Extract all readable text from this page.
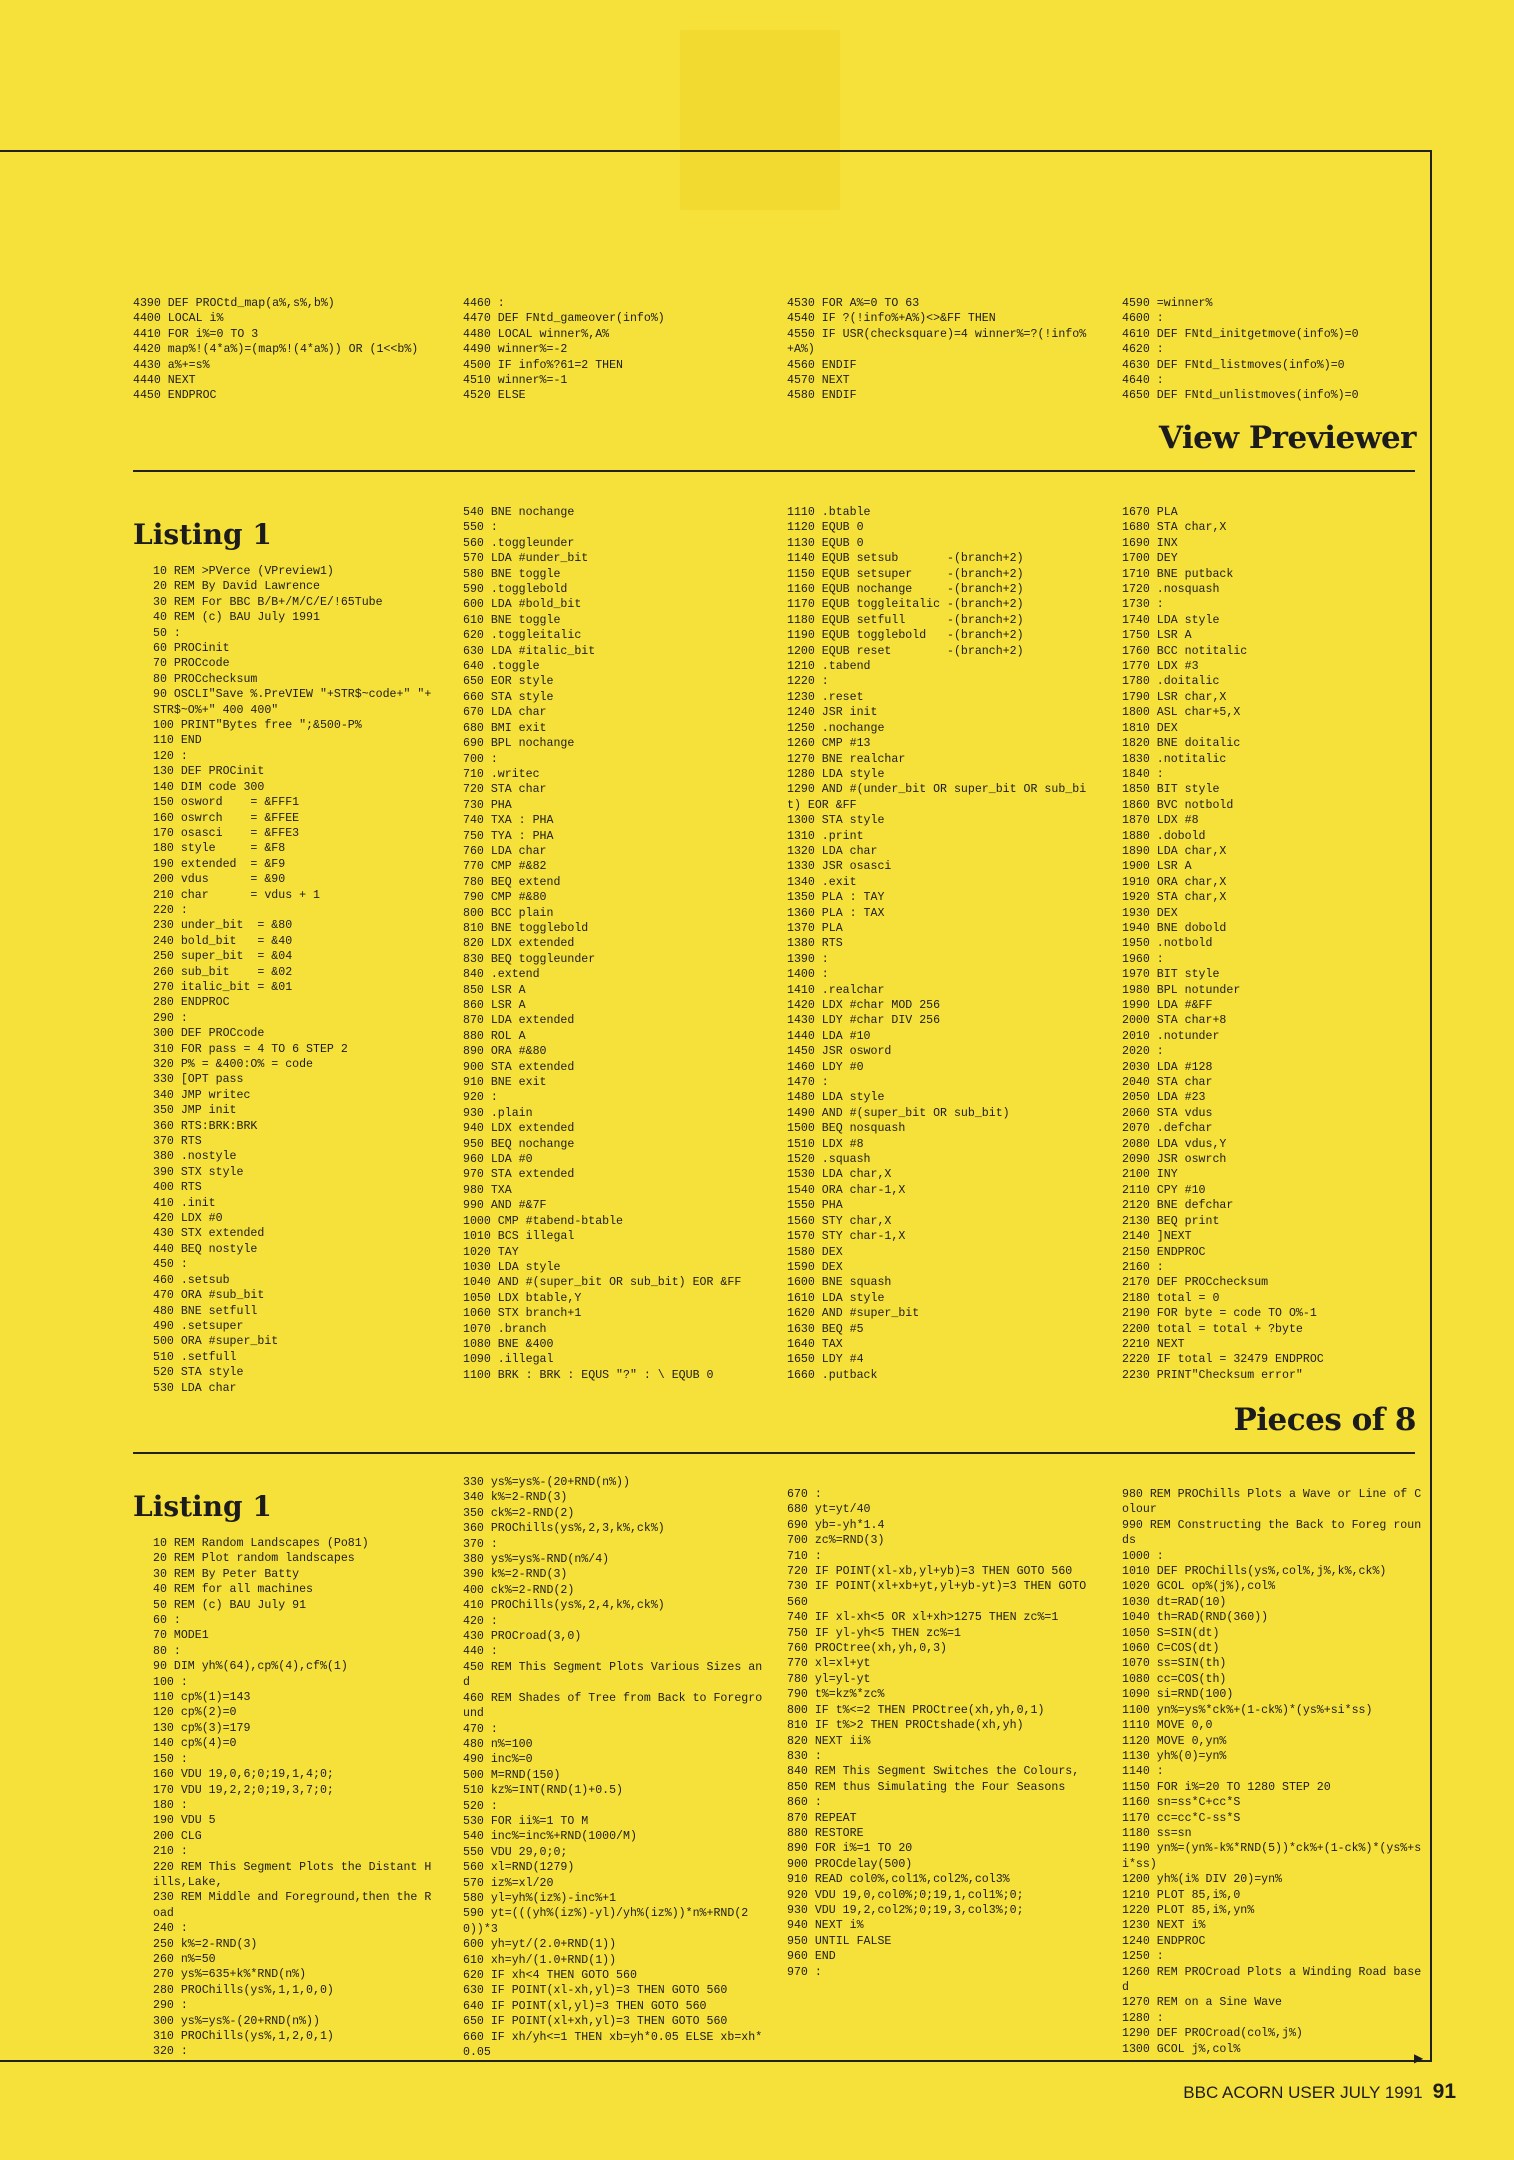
4390 DEF PROCtd_map(a%,s%,b%)
4400 LOCAL i%
4410 FOR i%=0 TO 3
4420 map%!(4*a%)=(map%!(4*a%)) OR (1<<b%)
4430 a%+=s%
4440 NEXT
4450 ENDPROC
4460 :
4470 DEF FNtd_gameover(info%)
4480 LOCAL winner%,A%
4490 winner%=-2
4500 IF info%?61=2 THEN
4510 winner%=-1
4520 ELSE
4530 FOR A%=0 TO 63
4540 IF ?(!info%+A%)<>&FF THEN
4550 IF USR(checksquare)=4 winner%=?(!info%+A%)
4560 ENDIF
4570 NEXT
4580 ENDIF
4590 =winner%
4600 :
4610 DEF FNtd_initgetmove(info%)=0
4620 :
4630 DEF FNtd_listmoves(info%)=0
4640 :
4650 DEF FNtd_unlistmoves(info%)=0
View Previewer
Listing 1
10 REM >PVerce (VPreview1)
20 REM By David Lawrence
30 REM For BBC B/B+/M/C/E/!65Tube
40 REM (c) BAU July 1991
50 :
60 PROCinit
70 PROCcode
80 PROCchecksum
90 OSCLI"Save %.PreVIEW "+STR$~code+" "+STR$~O%+" 400 400"
100 PRINT"Bytes free ";&500-P%
110 END
120 :
130 DEF PROCinit
140 DIM code 300
150 osword    = &FFF1
160 oswrch    = &FFEE
170 osasci    = &FFE3
180 style     = &F8
190 extended  = &F9
200 vdus      = &90
210 char      = vdus + 1
220 :
230 under_bit  = &80
240 bold_bit   = &40
250 super_bit  = &04
260 sub_bit    = &02
270 italic_bit = &01
280 ENDPROC
290 :
300 DEF PROCcode
310 FOR pass = 4 TO 6 STEP 2
320 P% = &400:O% = code
330 [OPT pass
340 JMP writec
350 JMP init
360 RTS:BRK:BRK
370 RTS
380 .nostyle
390 STX style
400 RTS
410 .init
420 LDX #0
430 STX extended
440 BEQ nostyle
450 :
460 .setsub
470 ORA #sub_bit
480 BNE setfull
490 .setsuper
500 ORA #super_bit
510 .setfull
520 STA style
530 LDA char
540 BNE nochange
550 :
560 .toggleunder
570 LDA #under_bit
580 BNE toggle
590 .togglebold
600 LDA #bold_bit
610 BNE toggle
620 .toggleitalic
630 LDA #italic_bit
640 .toggle
650 EOR style
660 STA style
670 LDA char
680 BMI exit
690 BPL nochange
700 :
710 .writec
720 STA char
730 PHA
740 TXA : PHA
750 TYA : PHA
760 LDA char
770 CMP #&82
780 BEQ extend
790 CMP #&80
800 BCC plain
810 BNE togglebold
820 LDX extended
830 BEQ toggleunder
840 .extend
850 LSR A
860 LSR A
870 LDA extended
880 ROL A
890 ORA #&80
900 STA extended
910 BNE exit
920 :
930 .plain
940 LDX extended
950 BEQ nochange
960 LDA #0
970 STA extended
980 TXA
990 AND #&7F
1000 CMP #tabend-btable
1010 BCS illegal
1020 TAY
1030 LDA style
1040 AND #(super_bit OR sub_bit) EOR &FF
1050 LDX btable,Y
1060 STX branch+1
1070 .branch
1080 BNE &400
1090 .illegal
1100 BRK : BRK : EQUS "?" : \ EQUB 0
1110 .btable
1120 EQUB 0
1130 EQUB 0
1140 EQUB setsub       -(branch+2)
1150 EQUB setsuper     -(branch+2)
1160 EQUB nochange     -(branch+2)
1170 EQUB toggleitalic -(branch+2)
1180 EQUB setfull      -(branch+2)
1190 EQUB togglebold   -(branch+2)
1200 EQUB reset        -(branch+2)
1210 .tabend
1220 :
1230 .reset
1240 JSR init
1250 .nochange
1260 CMP #13
1270 BNE realchar
1280 LDA style
1290 AND #(under_bit OR super_bit OR sub_bit) EOR &FF
1300 STA style
1310 .print
1320 LDA char
1330 JSR osasci
1340 .exit
1350 PLA : TAY
1360 PLA : TAX
1370 PLA
1380 RTS
1390 :
1400 :
1410 .realchar
1420 LDX #char MOD 256
1430 LDY #char DIV 256
1440 LDA #10
1450 JSR osword
1460 LDY #0
1470 :
1480 LDA style
1490 AND #(super_bit OR sub_bit)
1500 BEQ nosquash
1510 LDX #8
1520 .squash
1530 LDA char,X
1540 ORA char-1,X
1550 PHA
1560 STY char,X
1570 STY char-1,X
1580 DEX
1590 DEX
1600 BNE squash
1610 LDA style
1620 AND #super_bit
1630 BEQ #5
1640 TAX
1650 LDY #4
1660 .putback
1670 PLA
1680 STA char,X
1690 INX
1700 DEY
1710 BNE putback
1720 .nosquash
1730 :
1740 LDA style
1750 LSR A
1760 BCC notitalic
1770 LDX #3
1780 .doitalic
1790 LSR char,X
1800 ASL char+5,X
1810 DEX
1820 BNE doitalic
1830 .notitalic
1840 :
1850 BIT style
1860 BVC notbold
1870 LDX #8
1880 .dobold
1890 LDA char,X
1900 LSR A
1910 ORA char,X
1920 STA char,X
1930 DEX
1940 BNE dobold
1950 .notbold
1960 :
1970 BIT style
1980 BPL notunder
1990 LDA #&FF
2000 STA char+8
2010 .notunder
2020 :
2030 LDA #128
2040 STA char
2050 LDA #23
2060 STA vdus
2070 .defchar
2080 LDA vdus,Y
2090 JSR oswrch
2100 INY
2110 CPY #10
2120 BNE defchar
2130 BEQ print
2140 ]NEXT
2150 ENDPROC
2160 :
2170 DEF PROCchecksum
2180 total = 0
2190 FOR byte = code TO O%-1
2200 total = total + ?byte
2210 NEXT
2220 IF total = 32479 ENDPROC
2230 PRINT"Checksum error"
Pieces of 8
Listing 1
10 REM Random Landscapes (Po81)
20 REM Plot random landscapes
30 REM By Peter Batty
40 REM for all machines
50 REM (c) BAU July 91
60 :
70 MODE1
80 :
90 DIM yh%(64),cp%(4),cf%(1)
100 :
110 cp%(1)=143
120 cp%(2)=0
130 cp%(3)=179
140 cp%(4)=0
150 :
160 VDU 19,0,6;0;19,1,4;0;
170 VDU 19,2,2;0;19,3,7;0;
180 :
190 VDU 5
200 CLG
210 :
220 REM This Segment Plots the Distant Hills,Lake,
230 REM Middle and Foreground,then the Road
240 :
250 k%=2-RND(3)
260 n%=50
270 ys%=635+k%*RND(n%)
280 PROChills(ys%,1,1,0,0)
290 :
300 ys%=ys%-(20+RND(n%))
310 PROChills(ys%,1,2,0,1)
320 :
330 ys%=ys%-(20+RND(n%))
340 k%=2-RND(3)
350 ck%=2-RND(2)
360 PROChills(ys%,2,3,k%,ck%)
370 :
380 ys%=ys%-RND(n%/4)
390 k%=2-RND(3)
400 ck%=2-RND(2)
410 PROChills(ys%,2,4,k%,ck%)
420 :
430 PROCroad(3,0)
440 :
450 REM This Segment Plots Various Sizes and
460 REM Shades of Tree from Back to Foreground
470 :
480 n%=100
490 inc%=0
500 M=RND(150)
510 kz%=INT(RND(1)+0.5)
520 :
530 FOR ii%=1 TO M
540 inc%=inc%+RND(1000/M)
550 VDU 29,0;0;
560 xl=RND(1279)
570 iz%=xl/20
580 yl=yh%(iz%)-inc%+1
590 yt=(((yh%(iz%)-yl)/yh%(iz%))*n%+RND(20))*3
600 yh=yt/(2.0+RND(1))
610 xh=yh/(1.0+RND(1))
620 IF xh<4 THEN GOTO 560
630 IF POINT(xl-xh,yl)=3 THEN GOTO 560
640 IF POINT(xl,yl)=3 THEN GOTO 560
650 IF POINT(xl+xh,yl)=3 THEN GOTO 560
660 IF xh/yh<=1 THEN xb=yh*0.05 ELSE xb=xh*0.05
670 :
680 yt=yt/40
690 yb=-yh*1.4
700 zc%=RND(3)
710 :
720 IF POINT(xl-xb,yl+yb)=3 THEN GOTO 560
730 IF POINT(xl+xb+yt,yl+yb-yt)=3 THEN GOTO 560
740 IF xl-xh<5 OR xl+xh>1275 THEN zc%=1
750 IF yl-yh<5 THEN zc%=1
760 PROCtree(xh,yh,0,3)
770 xl=xl+yt
780 yl=yl-yt
790 t%=kz%*zc%
800 IF t%<=2 THEN PROCtree(xh,yh,0,1)
810 IF t%>2 THEN PROCtshade(xh,yh)
820 NEXT ii%
830 :
840 REM This Segment Switches the Colours,
850 REM thus Simulating the Four Seasons
860 :
870 REPEAT
880 RESTORE
890 FOR i%=1 TO 20
900 PROCdelay(500)
910 READ col0%,col1%,col2%,col3%
920 VDU 19,0,col0%;0;19,1,col1%;0;
930 VDU 19,2,col2%;0;19,3,col3%;0;
940 NEXT i%
950 UNTIL FALSE
960 END
970 :
980 REM PROChills Plots a Wave or Line of Colour
990 REM Constructing the Back to Foreg rounds
1000 :
1010 DEF PROChills(ys%,col%,j%,k%,ck%)
1020 GCOL op%(j%),col%
1030 dt=RAD(10)
1040 th=RAD(RND(360))
1050 S=SIN(dt)
1060 C=COS(dt)
1070 ss=SIN(th)
1080 cc=COS(th)
1090 si=RND(100)
1100 yn%=ys%*ck%+(1-ck%)*(ys%+si*ss)
1110 MOVE 0,0
1120 MOVE 0,yn%
1130 yh%(0)=yn%
1140 :
1150 FOR i%=20 TO 1280 STEP 20
1160 sn=ss*C+cc*S
1170 cc=cc*C-ss*S
1180 ss=sn
1190 yn%=(yn%-k%*RND(5))*ck%+(1-ck%)*(ys%+si*ss)
1200 yh%(i% DIV 20)=yn%
1210 PLOT 85,i%,0
1220 PLOT 85,i%,yn%
1230 NEXT i%
1240 ENDPROC
1250 :
1260 REM PROCroad Plots a Winding Road based
1270 REM on a Sine Wave
1280 :
1290 DEF PROCroad(col%,j%)
1300 GCOL j%,col%
▶
BBC ACORN USER JULY 1991 91
